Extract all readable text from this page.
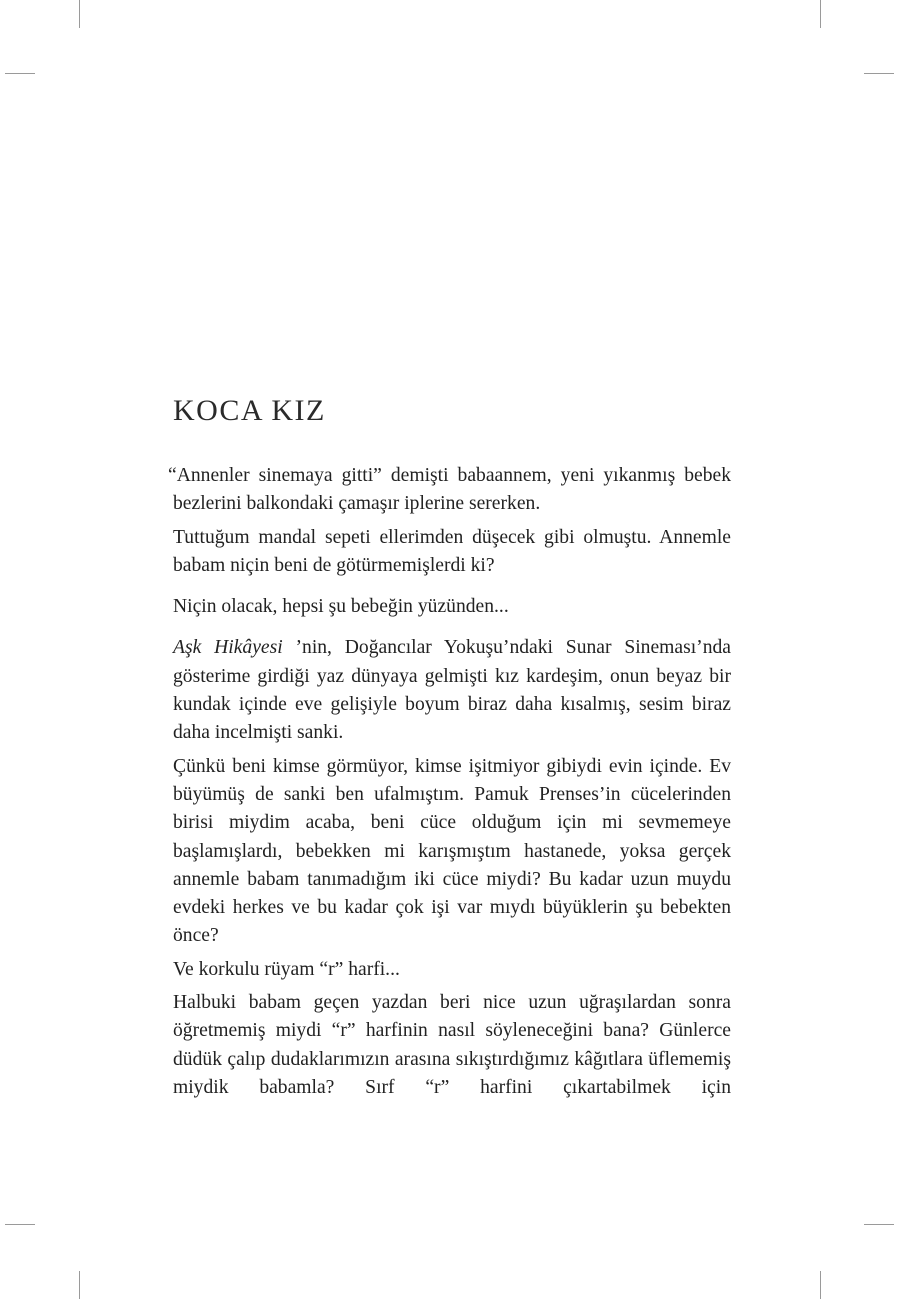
KOCA KIZ

“Annenler sinemaya gitti” demişti babaannem, yeni yıkanmış bebek bezlerini balkondaki çamaşır iplerine sererken.

Tuttuğum mandal sepeti ellerimden düşecek gibi olmuştu. Annemle babam niçin beni de götürmemişlerdi ki?

Niçin olacak, hepsi şu bebeğin yüzünden...

Aşk Hikâyesi ’nin, Doğancılar Yokuşu’ndaki Sunar Sineması’nda gösterime girdiği yaz dünyaya gelmişti kız kardeşim, onun beyaz bir kundak içinde eve gelişiyle boyum biraz daha kısalmış, sesim biraz daha incelmişti sanki.

Çünkü beni kimse görmüyor, kimse işitmiyor gibiydi evin içinde. Ev büyümüş de sanki ben ufalmıştım. Pamuk Prenses’in cücelerinden birisi miydim acaba, beni cüce olduğum için mi sevmemeye başlamışlardı, bebekken mi karışmıştım hastanede, yoksa gerçek annemle babam tanımadığım iki cüce miydi? Bu kadar uzun muydu evdeki herkes ve bu kadar çok işi var mıydı büyüklerin şu bebekten önce?

Ve korkulu rüyam “r” harfi...

Halbuki babam geçen yazdan beri nice uzun uğraşılardan sonra öğretmemiş miydi “r” harfinin nasıl söyleneceğini bana? Günlerce düdük çalıp dudaklarımızın arasına sıkıştırdığımız kâğıtlara üflememiş miydik babamla? Sırf “r” harfini çıkartabilmek için
